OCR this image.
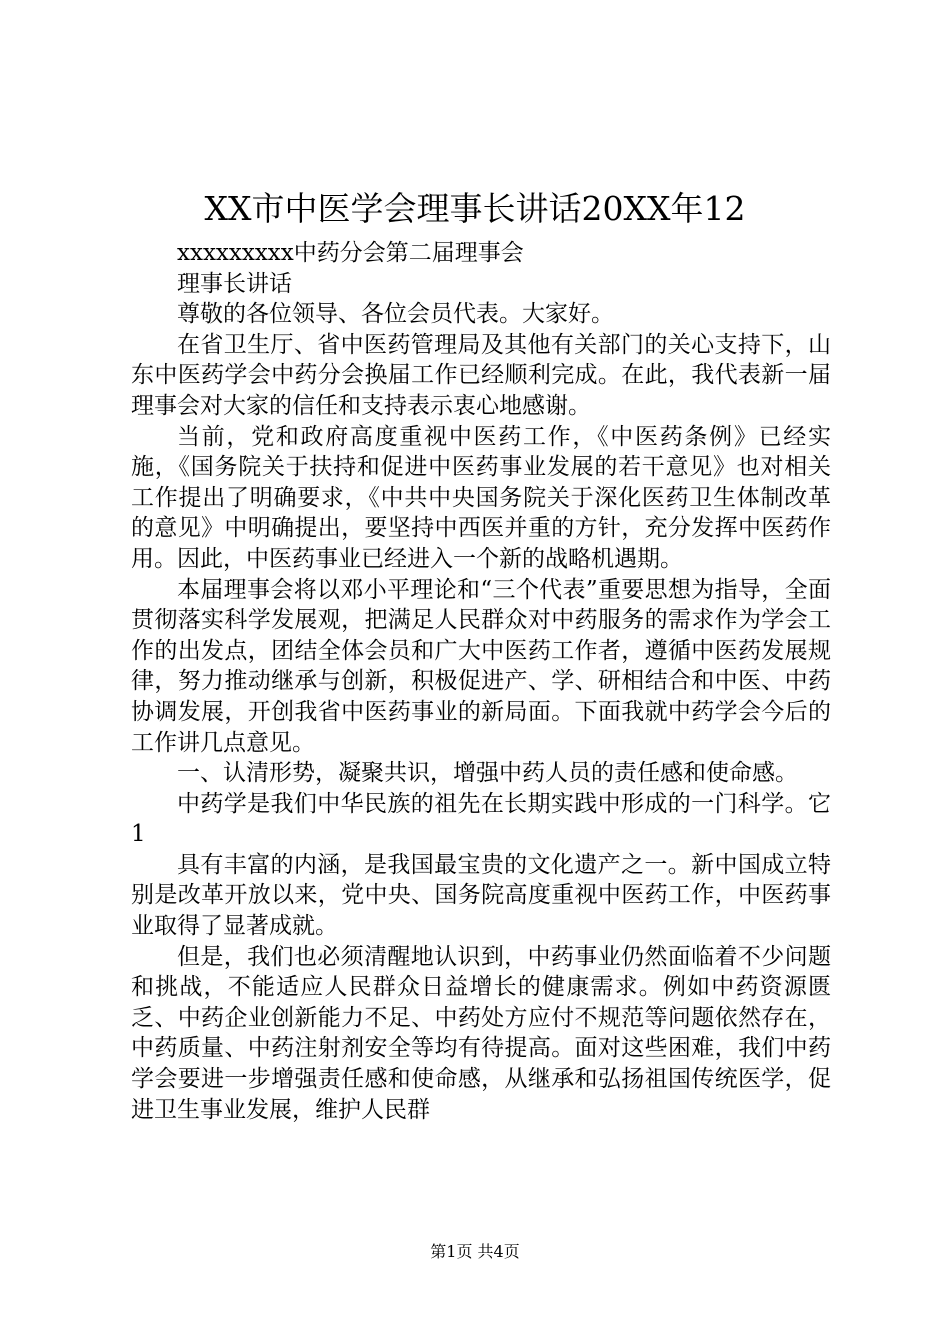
XX市中医学会理事长讲话20XX年12

xxxxxxxxx中药分会第二届理事会

理事长讲话

尊敬的各位领导、各位会员代表。大家好。

在省卫生厅、省中医药管理局及其他有关部门的关心支持下，山东中医药学会中药分会换届工作已经顺利完成。在此，我代表新一届理事会对大家的信任和支持表示衷心地感谢。

当前，党和政府高度重视中医药工作，《中医药条例》已经实施，《国务院关于扶持和促进中医药事业发展的若干意见》也对相关工作提出了明确要求，《中共中央国务院关于深化医药卫生体制改革的意见》中明确提出，要坚持中西医并重的方针，充分发挥中医药作用。因此，中医药事业已经进入一个新的战略机遇期。

本届理事会将以邓小平理论和“三个代表”重要思想为指导，全面贯彻落实科学发展观，把满足人民群众对中药服务的需求作为学会工作的出发点，团结全体会员和广大中医药工作者，遵循中医药发展规律，努力推动继承与创新，积极促进产、学、研相结合和中医、中药协调发展，开创我省中医药事业的新局面。下面我就中药学会今后的工作讲几点意见。

一、认清形势，凝聚共识，增强中药人员的责任感和使命感。

中药学是我们中华民族的祖先在长期实践中形成的一门科学。它1

具有丰富的内涵，是我国最宝贵的文化遗产之一。新中国成立特别是改革开放以来，党中央、国务院高度重视中医药工作，中医药事业取得了显著成就。

但是，我们也必须清醒地认识到，中药事业仍然面临着不少问题和挑战，不能适应人民群众日益增长的健康需求。例如中药资源匮乏、中药企业创新能力不足、中药处方应付不规范等问题依然存在，中药质量、中药注射剂安全等均有待提高。面对这些困难，我们中药学会要进一步增强责任感和使命感，从继承和弘扬祖国传统医学，促进卫生事业发展，维护人民群

第1页 共4页
